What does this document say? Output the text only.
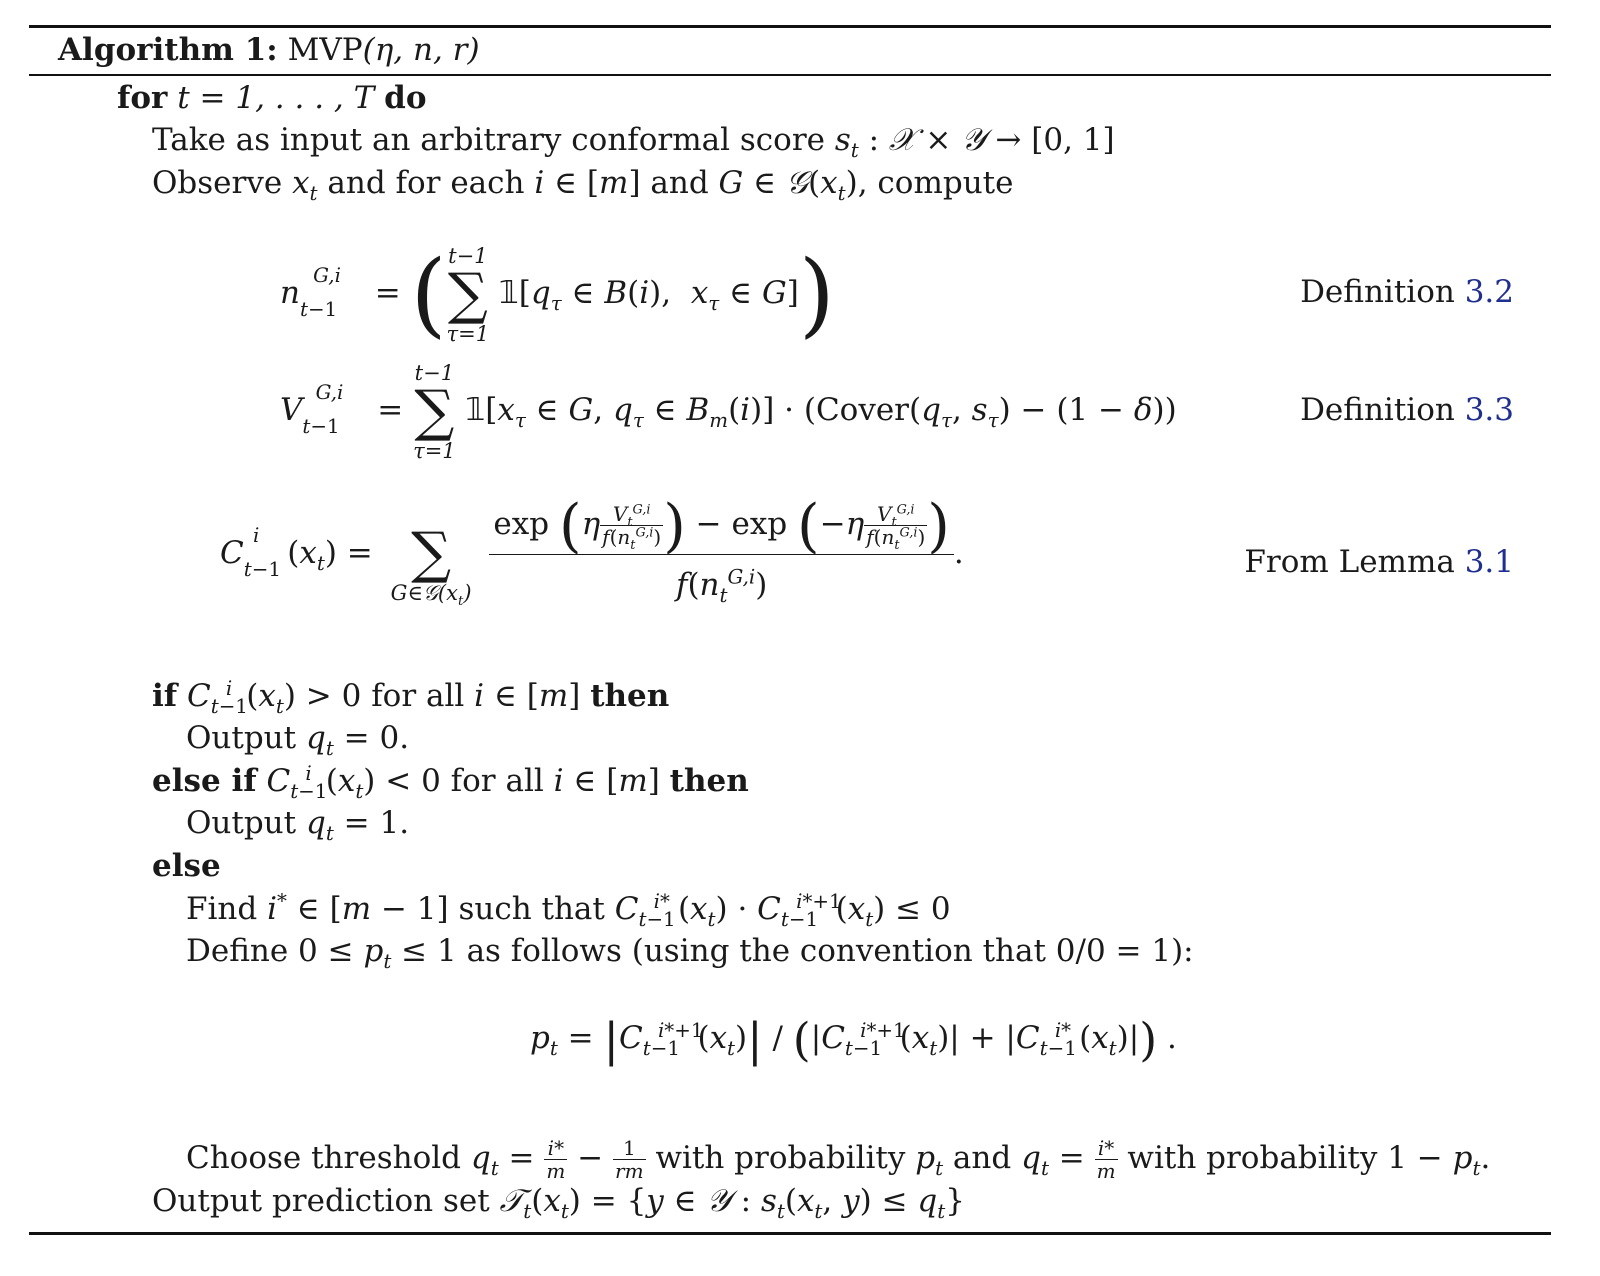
Algorithm 1: MVP(η, n, r)
for t = 1, . . . , T do
Take as input an arbitrary conformal score $s_t$ : 𝒳 × 𝒴 → [0, 1]
Observe $x_t$ and for each i ∈ [m] and G ∈ $𝒢(x_t)$, compute
$n_{t-1}^{G,i}$ = ( t−1
∑
τ=1
$𝟙[q_\tau$ ∈ B(i),  $x_\tau$ ∈ G])	Definition 3.2
$V_{t-1}^{G,i}$ =
t−1
∑
τ=1
$𝟙[x_\tau$ ∈ G, $q_\tau$ ∈ $B_m(i)$] · ($Cover(q_\tau$, $s_\tau) - (1 - \delta)$)	Definition 3.3
$C_{t-1}^i$ $(x_t)$ = ∑
$G\in 𝒢(x_t)$
$\frac{\exp (\eta \frac{V_t^{G,i}}{f(n_t^{G,i})} ) - \exp (-\eta \frac{V_t^{G,i}}{f(n_t^{G,i})} )}{f(n_t^{G,i})}$ .	From Lemma 3.1
if $C_{t-1}^i$ $(x_t) > 0$ for all i ∈ [m] then
Output $q_t = 0$.
else if $C_{t-1}^i$ $(x_t) < 0$ for all i ∈ [m] then
Output $q_t = 1$.
else
Find i* ∈ [m − 1] such that $C_{t-1}^{i*}$ $(x_t) \cdot C_{t-1}^{i*+1}(x_t) \le 0$
Define $0 \le p_t \le 1$ as follows (using the convention that 0/0 = 1):
$p_t = |C_{t-1}^{i*+1}(x_t)| / (|C_{t-1}^{i*+1}(x_t)| + |C_{t-1}^{i*}$ $(x_t)|$) .
Choose threshold $q_t = \frac{i*}{m} - \frac{1}{rm}$ with probability $p_t$ and $q_t = \frac{i*}{m}$ with probability $1 - p_t$.
Output prediction set $𝒯_t(x_t) = \{y$ ∈ 𝒴 : $s_t(x_t$, $y) \le q_t$}
